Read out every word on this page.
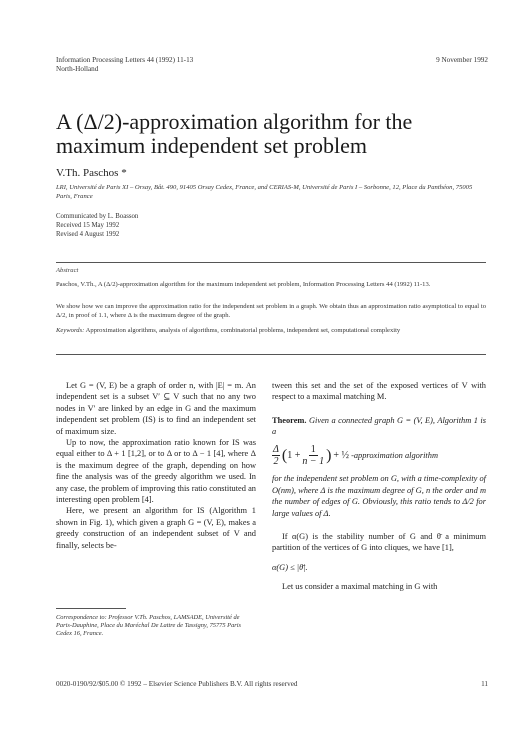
Information Processing Letters 44 (1992) 11-13
North-Holland
9 November 1992
A (Δ/2)-approximation algorithm for the maximum independent set problem
V.Th. Paschos *
LRI, Université de Paris XI – Orsay, Bât. 490, 91405 Orsay Cedex, France, and CERIAS-M, Université de Paris I – Sorbonne, 12, Place du Panthéon, 75005 Paris, France
Communicated by L. Boasson
Received 15 May 1992
Revised 4 August 1992
Abstract
Paschos, V.Th., A (Δ/2)-approximation algorithm for the maximum independent set problem, Information Processing Letters 44 (1992) 11-13.
We show how we can improve the approximation ratio for the independent set problem in a graph. We obtain thus an approximation ratio asymptotical to equal to Δ/2, in proof of 1.1, where Δ is the maximum degree of the graph.
Keywords: Approximation algorithms, analysis of algorithms, combinatorial problems, independent set, computational complexity

Let G = (V, E) be a graph of order n, with |E| = m. An independent set is a subset V′ ⊆ V such that no any two nodes in V′ are linked by an edge in G and the maximum independent set problem (IS) is to find an independent set of maximum size.

Up to now, the approximation ratio known for IS was equal either to Δ + 1 [1,2], or to Δ or to Δ − 1 [4], where Δ is the maximum degree of the graph, depending on how fine the analysis was of the greedy algorithm we used. In any case, the problem of improving this ratio constituted an interesting open problem [4].

Here, we present an algorithm for IS (Algorithm 1 shown in Fig. 1), which given a graph G = (V, E), makes a greedy construction of an independent subset of V and finally, selects be-

Correspondence to: Professor V.Th. Paschos, LAMSADE, Université de Paris-Dauphine, Place du Maréchal De Lattre de Tassigny, 75775 Paris Cedex 16, France.

tween this set and the set of the exposed vertices of V with respect to a maximal matching M.

Theorem. Given a connected graph G = (V, E), Algorithm 1 is a

Δ
2 ( $1 + \frac{1}{n - 1}$ ) + ½ -approximation algorithm

for the independent set problem on G, with a time-complexity of O(nm), where Δ is the maximum degree of G, n the order and m the number of edges of G. Obviously, this ratio tends to Δ/2 for large values of Δ.

If α(G) is the stability number of G and θ̄ a minimum partition of the vertices of G into cliques, we have [1],

α(G) ≤ |θ̄|.

Let us consider a maximal matching in G with

0020-0190/92/$05.00 © 1992 – Elsevier Science Publishers B.V. All rights reserved	11
